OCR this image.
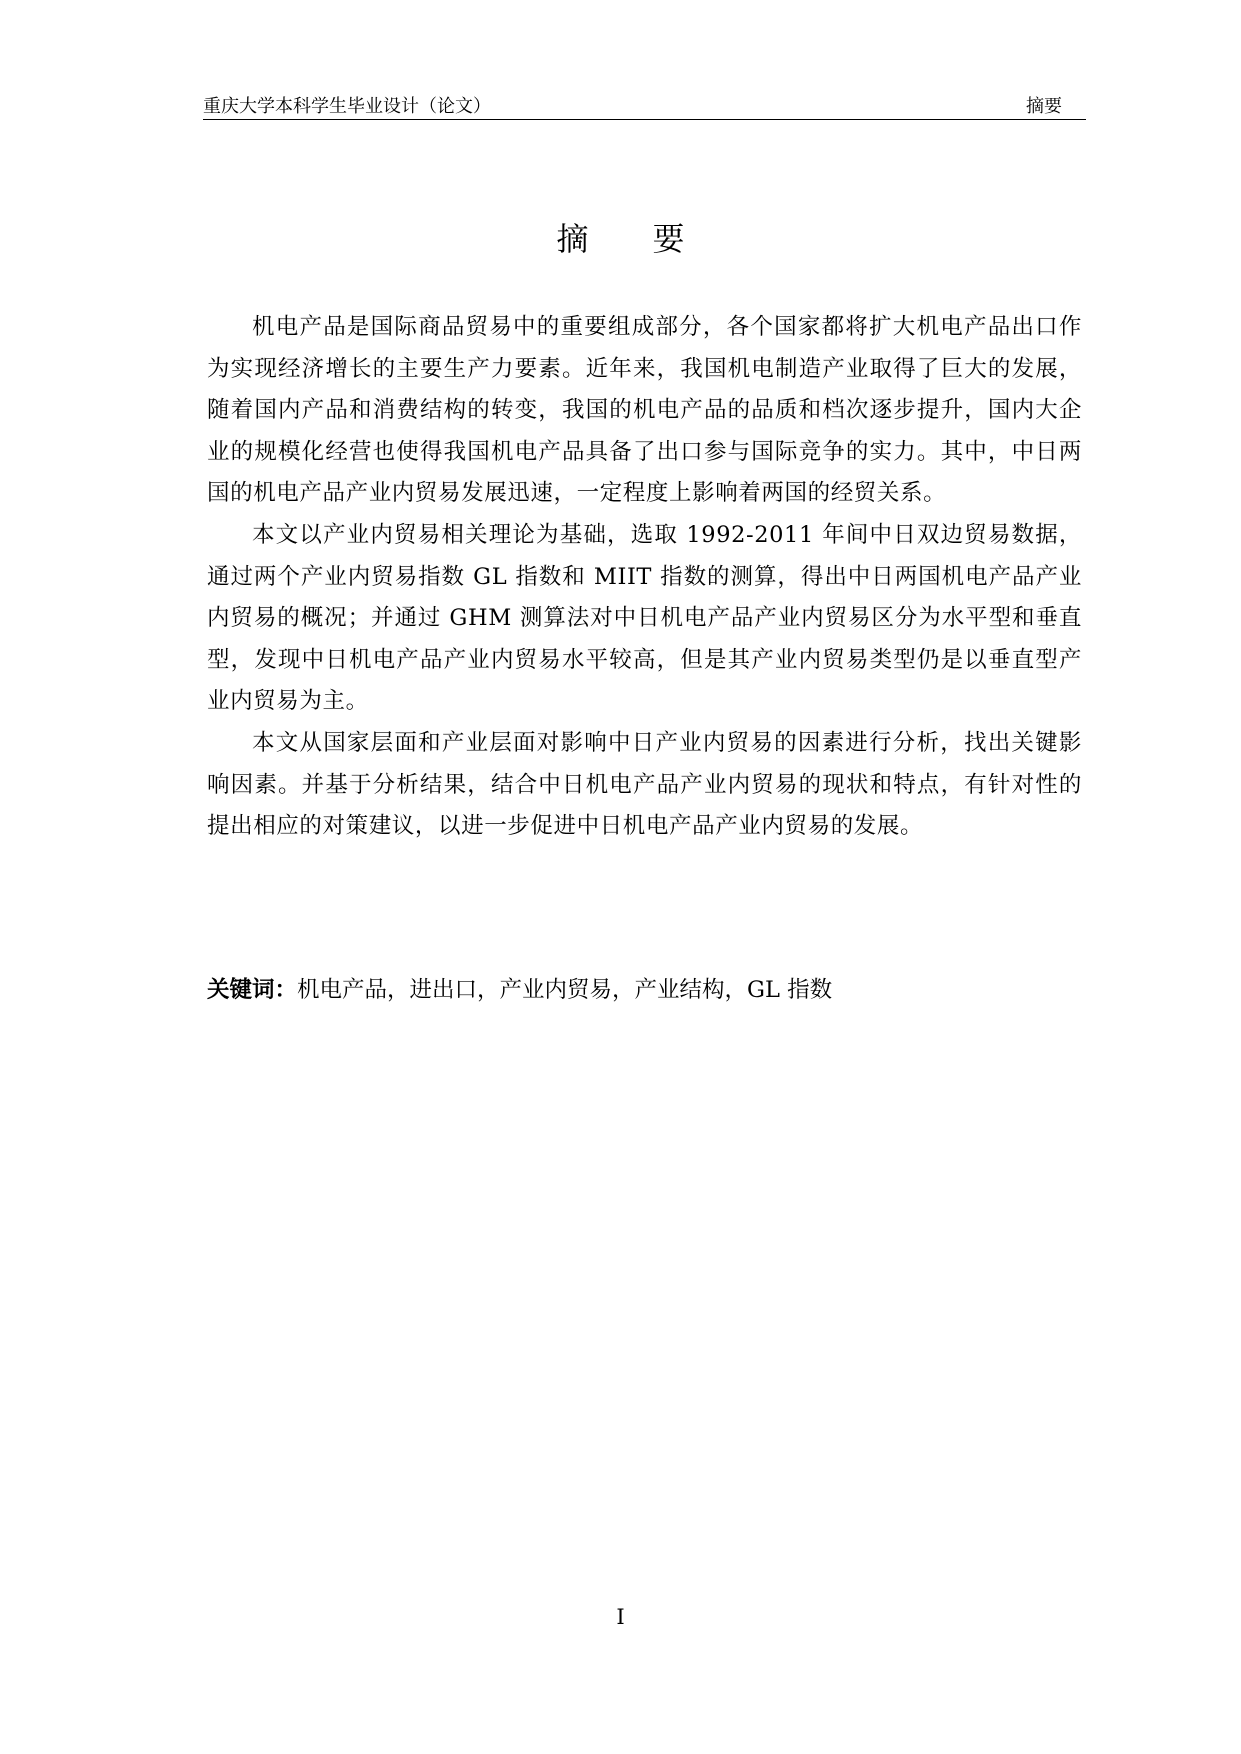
重庆大学本科学生毕业设计（论文）	摘要
摘 要

机电产品是国际商品贸易中的重要组成部分，各个国家都将扩大机电产品出口作为实现经济增长的主要生产力要素。近年来，我国机电制造产业取得了巨大的发展，随着国内产品和消费结构的转变，我国的机电产品的品质和档次逐步提升，国内大企业的规模化经营也使得我国机电产品具备了出口参与国际竞争的实力。其中，中日两国的机电产品产业内贸易发展迅速，一定程度上影响着两国的经贸关系。

本文以产业内贸易相关理论为基础，选取 1992-2011 年间中日双边贸易数据，通过两个产业内贸易指数 GL 指数和 MIIT 指数的测算，得出中日两国机电产品产业内贸易的概况；并通过 GHM 测算法对中日机电产品产业内贸易区分为水平型和垂直型，发现中日机电产品产业内贸易水平较高，但是其产业内贸易类型仍是以垂直型产业内贸易为主。

本文从国家层面和产业层面对影响中日产业内贸易的因素进行分析，找出关键影响因素。并基于分析结果，结合中日机电产品产业内贸易的现状和特点，有针对性的提出相应的对策建议，以进一步促进中日机电产品产业内贸易的发展。

关键词：机电产品，进出口，产业内贸易，产业结构，GL 指数
I
